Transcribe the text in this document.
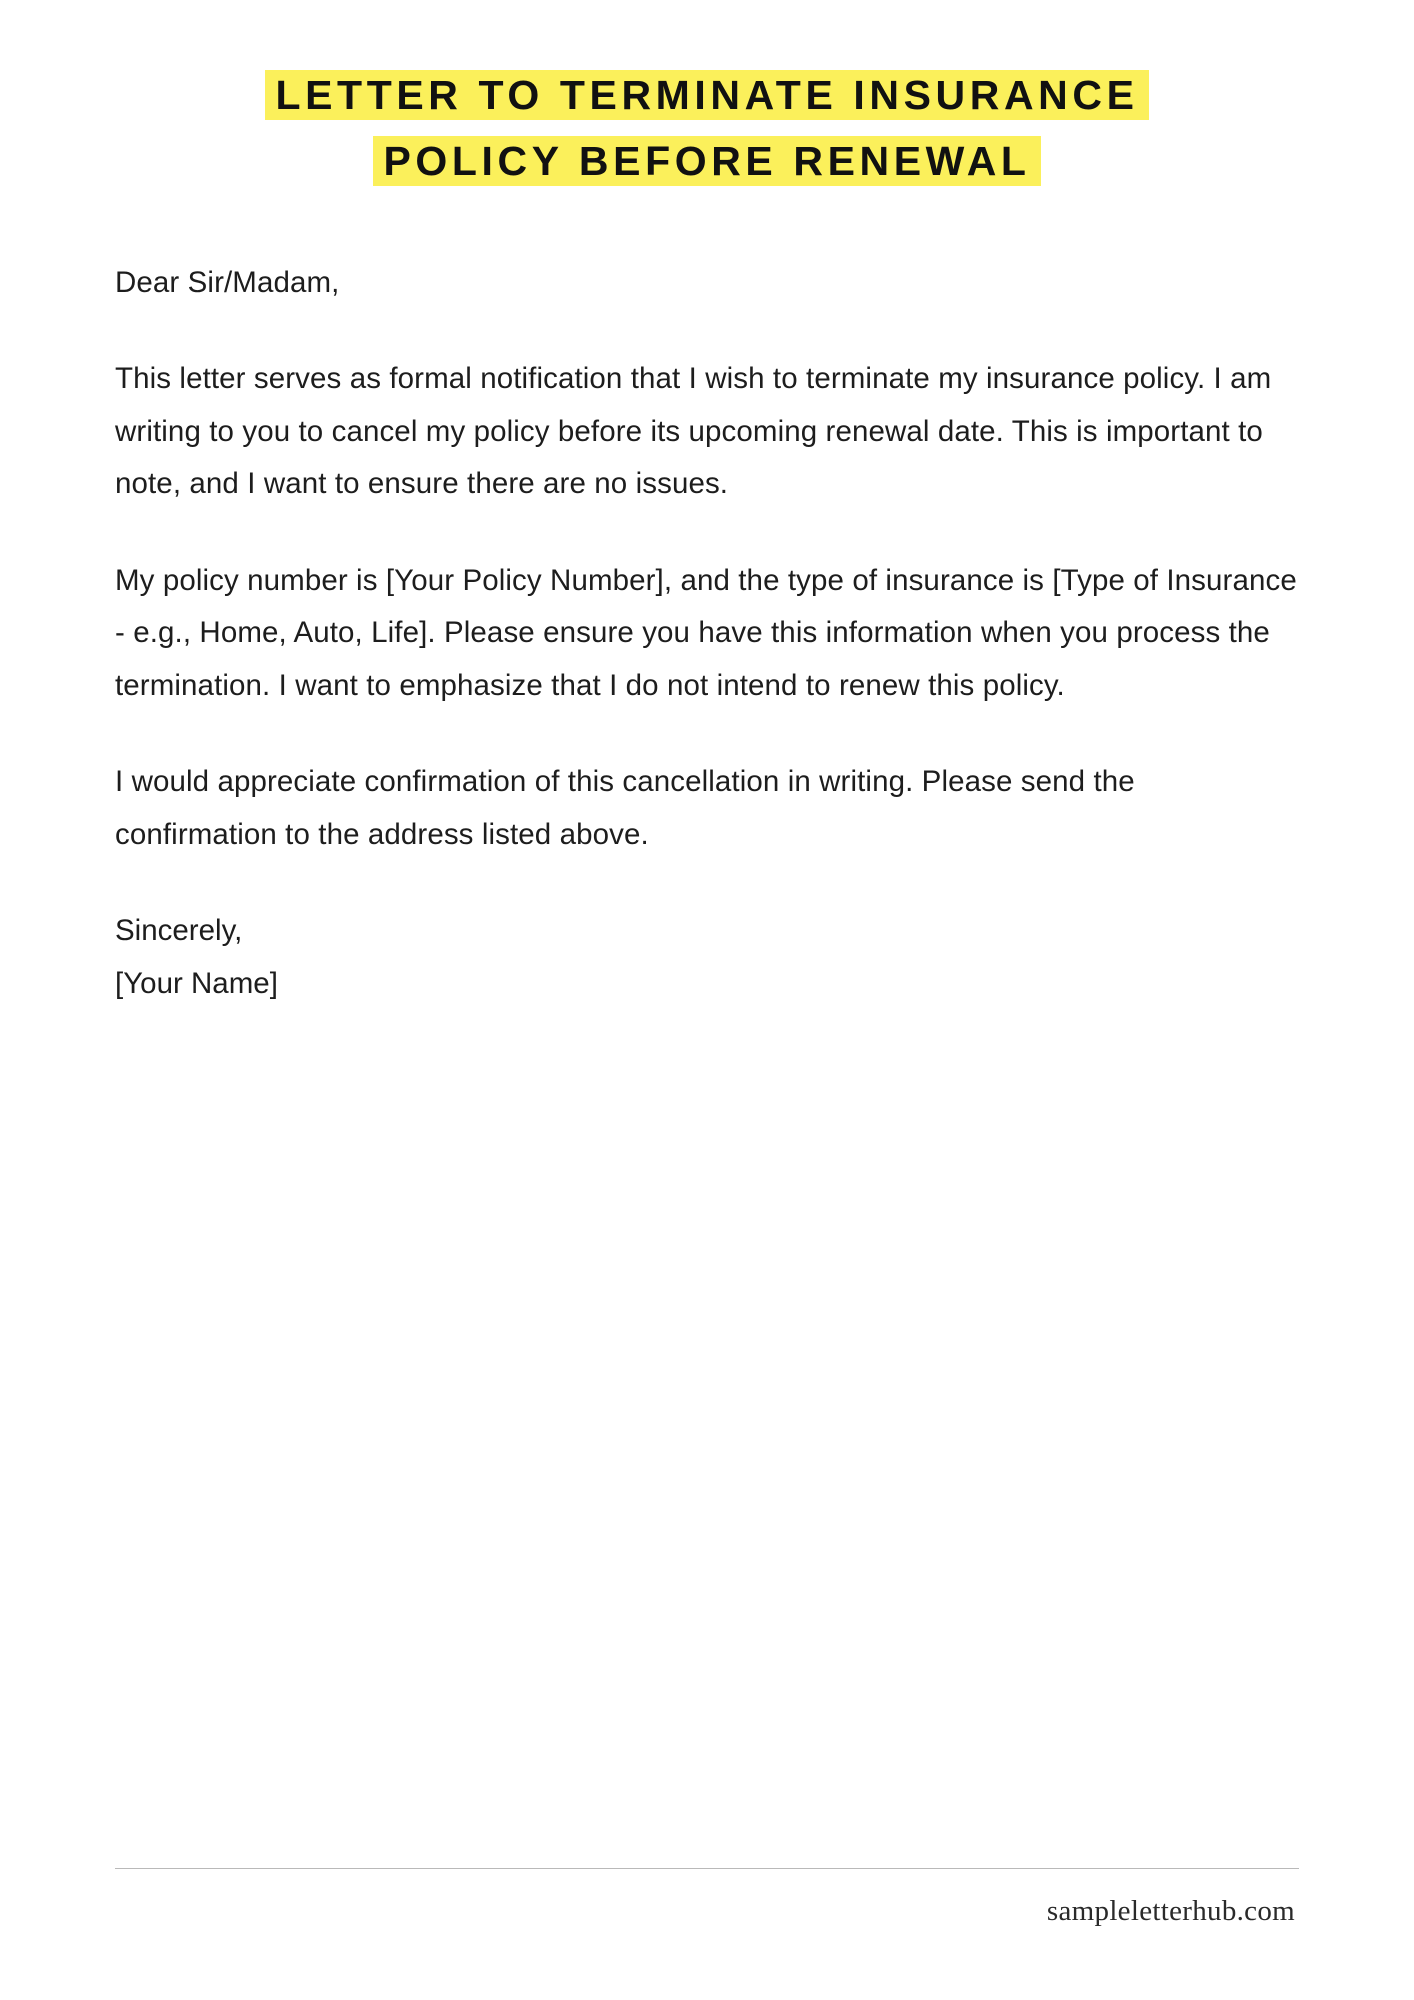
LETTER TO TERMINATE INSURANCE
POLICY BEFORE RENEWAL

Dear Sir/Madam,

This letter serves as formal notification that I wish to terminate my insurance policy. I am writing to you to cancel my policy before its upcoming renewal date. This is important to note, and I want to ensure there are no issues.

My policy number is [Your Policy Number], and the type of insurance is [Type of Insurance - e.g., Home, Auto, Life]. Please ensure you have this information when you process the termination. I want to emphasize that I do not intend to renew this policy.

I would appreciate confirmation of this cancellation in writing. Please send the confirmation to the address listed above.

Sincerely,
[Your Name]
sampleletterhub.com
